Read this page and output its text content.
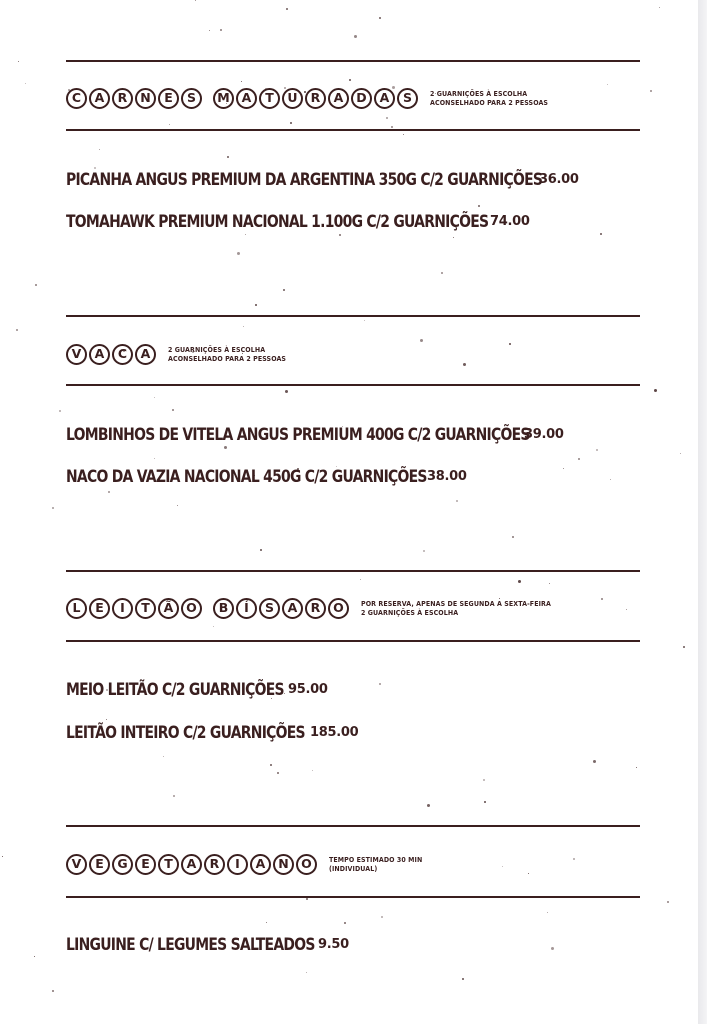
C	A	R	N	E	S	M A	T	U	R	A	D	A	S	2 GUARNIÇÕES À ESCOLHA
ACONSELHADO PARA 2 PESSOAS
PICANHA ANGUS PREMIUM DA ARGENTINA 350G C/2 GUARNIÇÕES
36.00
TOMAHAWK PREMIUM NACIONAL 1.100G C/2 GUARNIÇÕES 74.00
V	A	C	A	2 GUARNIÇÕES À ESCOLHA
ACONSELHADO PARA 2 PESSOAS
LOMBINHOS DE VITELA ANGUS PREMIUM 400G C/2 GUARNIÇÕES
39.00
NACO DA VAZIA NACIONAL 450G C/2 GUARNIÇÕES 38.00
L	E	I	T	Ã	O	B	Í	S	A	R	O	POR RESERVA, APENAS DE SEGUNDA A SEXTA-FEIRA
2 GUARNIÇÕES À ESCOLHA
MEIO LEITÃO C/2 GUARNIÇÕES 95.00
LEITÃO INTEIRO C/2 GUARNIÇÕES 185.00
V	E	G	E	T	A	R	I	A	N O	TEMPO ESTIMADO 30 MIN
(INDIVIDUAL)
LINGUINE C/ LEGUMES SALTEADOS 9.50
